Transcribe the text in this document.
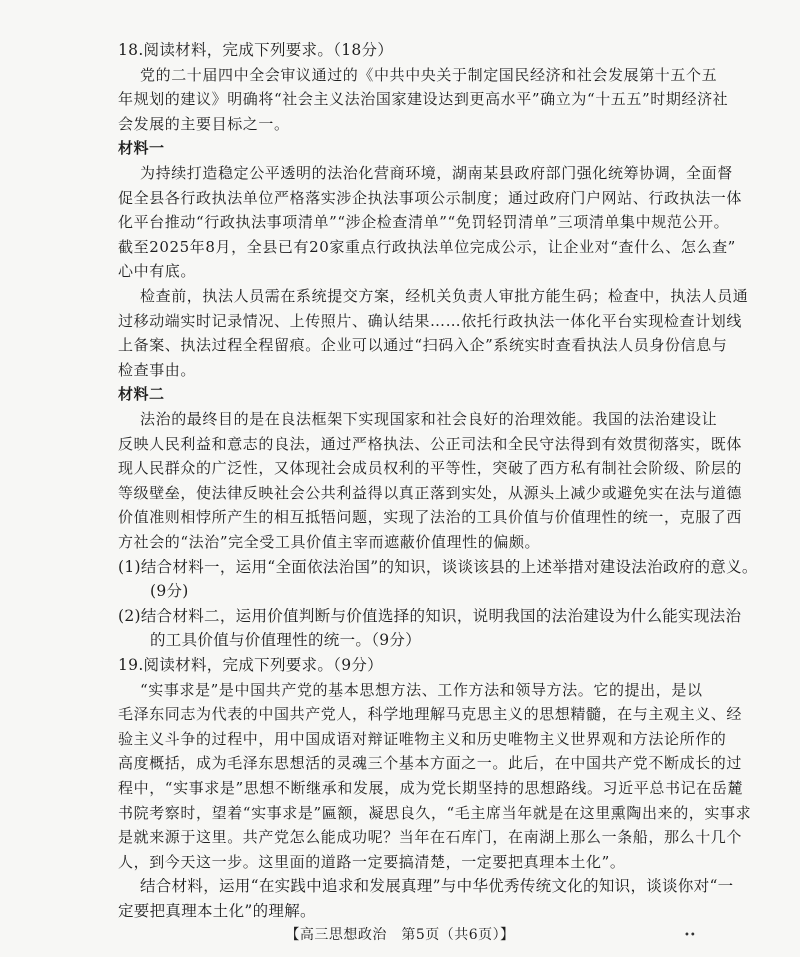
18.阅读材料，完成下列要求。（18分）
党的二十届四中全会审议通过的《中共中央关于制定国民经济和社会发展第十五个五
年规划的建议》明确将“社会主义法治国家建设达到更高水平”确立为“十五五”时期经济社
会发展的主要目标之一。
材料一
为持续打造稳定公平透明的法治化营商环境，湖南某县政府部门强化统筹协调，全面督
促全县各行政执法单位严格落实涉企执法事项公示制度；通过政府门户网站、行政执法一体
化平台推动“行政执法事项清单”“涉企检查清单”“免罚轻罚清单”三项清单集中规范公开。
截至2025年8月，全县已有20家重点行政执法单位完成公示，让企业对“查什么、怎么查”
心中有底。
检查前，执法人员需在系统提交方案，经机关负责人审批方能生码；检查中，执法人员通
过移动端实时记录情况、上传照片、确认结果……依托行政执法一体化平台实现检查计划线
上备案、执法过程全程留痕。企业可以通过“扫码入企”系统实时查看执法人员身份信息与
检查事由。
材料二
法治的最终目的是在良法框架下实现国家和社会良好的治理效能。我国的法治建设让
反映人民利益和意志的良法，通过严格执法、公正司法和全民守法得到有效贯彻落实，既体
现人民群众的广泛性，又体现社会成员权利的平等性，突破了西方私有制社会阶级、阶层的
等级壁垒，使法律反映社会公共利益得以真正落到实处，从源头上减少或避免实在法与道德
价值准则相悖所产生的相互抵牾问题，实现了法治的工具价值与价值理性的统一，克服了西
方社会的“法治”完全受工具价值主宰而遮蔽价值理性的偏颇。
(1)结合材料一，运用“全面依法治国”的知识，谈谈该县的上述举措对建设法治政府的意义。
(9分)
(2)结合材料二，运用价值判断与价值选择的知识，说明我国的法治建设为什么能实现法治
的工具价值与价值理性的统一。（9分）
19.阅读材料，完成下列要求。（9分）
“实事求是”是中国共产党的基本思想方法、工作方法和领导方法。它的提出，是以
毛泽东同志为代表的中国共产党人，科学地理解马克思主义的思想精髓，在与主观主义、经
验主义斗争的过程中，用中国成语对辩证唯物主义和历史唯物主义世界观和方法论所作的
高度概括，成为毛泽东思想活的灵魂三个基本方面之一。此后，在中国共产党不断成长的过
程中，“实事求是”思想不断继承和发展，成为党长期坚持的思想路线。习近平总书记在岳麓
书院考察时，望着“实事求是”匾额，凝思良久，“毛主席当年就是在这里熏陶出来的，实事求
是就来源于这里。共产党怎么能成功呢？当年在石库门，在南湖上那么一条船，那么十几个
人，到今天这一步。这里面的道路一定要搞清楚，一定要把真理本土化”。
结合材料，运用“在实践中追求和发展真理”与中华优秀传统文化的知识，谈谈你对“一
定要把真理本土化”的理解。
【高三思想政治　第5页（共6页）】	••
